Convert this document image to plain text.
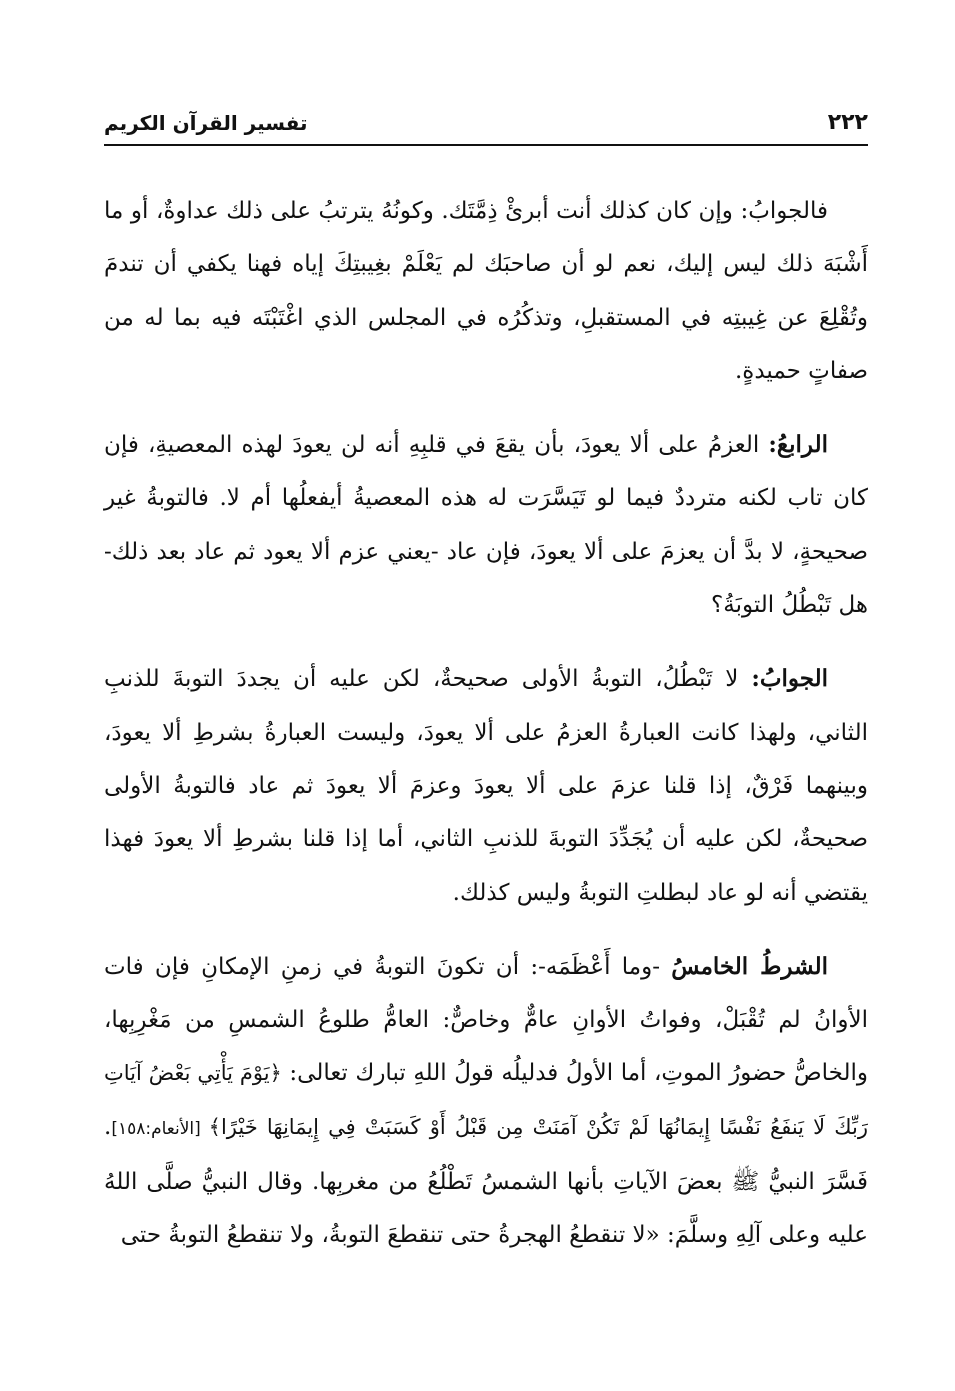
٢٢٢
تفسير القرآن الكريم

فالجوابُ: وإن كان كذلك أنت أبرئْ ذِمَّتَك. وكونُهُ يترتبُ على ذلك عداوةٌ، أو ما أَشْبَهَ ذلك ليس إليك، نعم لو أن صاحبَك لم يَعْلَمْ بغِيبتِكَ إياه فهنا يكفي أن تندمَ وتُقْلِعَ عن غِيبتِه في المستقبلِ، وتذكُرُه في المجلس الذي اغْتَبْتَه فيه بما له من صفاتٍ حميدةٍ.

الرابعُ: العزمُ على ألا يعودَ، بأن يقعَ في قلبِهِ أنه لن يعودَ لهذه المعصيةِ، فإن كان تاب لكنه مترددٌ فيما لو تَيَسَّرَت له هذه المعصيةُ أيفعلُها أم لا. فالتوبةُ غير صحيحةٍ، لا بدَّ أن يعزمَ على ألا يعودَ، فإن عاد -يعني عزم ألا يعود ثم عاد بعد ذلك- هل تَبْطُلُ التوبَةُ؟

الجوابُ: لا تَبْطُلُ، التوبةُ الأولى صحيحةٌ، لكن عليه أن يجددَ التوبةَ للذنبِ الثاني، ولهذا كانت العبارةُ العزمُ على ألا يعودَ، وليست العبارةُ بشرطِ ألا يعودَ، وبينهما فَرْقٌ، إذا قلنا عزمَ على ألا يعودَ وعزمَ ألا يعودَ ثم عاد فالتوبةُ الأولى صحيحةٌ، لكن عليه أن يُجَدِّدَ التوبةَ للذنبِ الثاني، أما إذا قلنا بشرطِ ألا يعودَ فهذا يقتضي أنه لو عاد لبطلتِ التوبةُ وليس كذلك.

الشرطُ الخامسُ -وما أَعْظَمَه-: أن تكونَ التوبةُ في زمنِ الإمكانِ فإن فات الأوانُ لم تُقْبَلْ، وفواتُ الأوانِ عامٌّ وخاصٌّ: العامُّ طلوعُ الشمسِ من مَغْرِبِها، والخاصُّ حضورُ الموتِ، أما الأولُ فدليلُه قولُ اللهِ تبارك تعالى: ﴿يَوْمَ يَأْتِي بَعْضُ آيَاتِ رَبِّكَ لَا يَنفَعُ نَفْسًا إِيمَانُهَا لَمْ تَكُنْ آمَنَتْ مِن قَبْلُ أَوْ كَسَبَتْ فِي إِيمَانِهَا خَيْرًا﴾ [الأنعام:١٥٨]. فَسَّرَ النبيُّ ﷺ بعضَ الآياتِ بأنها الشمسُ تَطْلُعُ من مغربِها. وقال النبيُّ صلَّى اللهُ عليه وعلى آلِهِ وسلَّمَ: «لا تنقطعُ الهجرةُ حتى تنقطعَ التوبةُ، ولا تنقطعُ التوبةُ حتى
